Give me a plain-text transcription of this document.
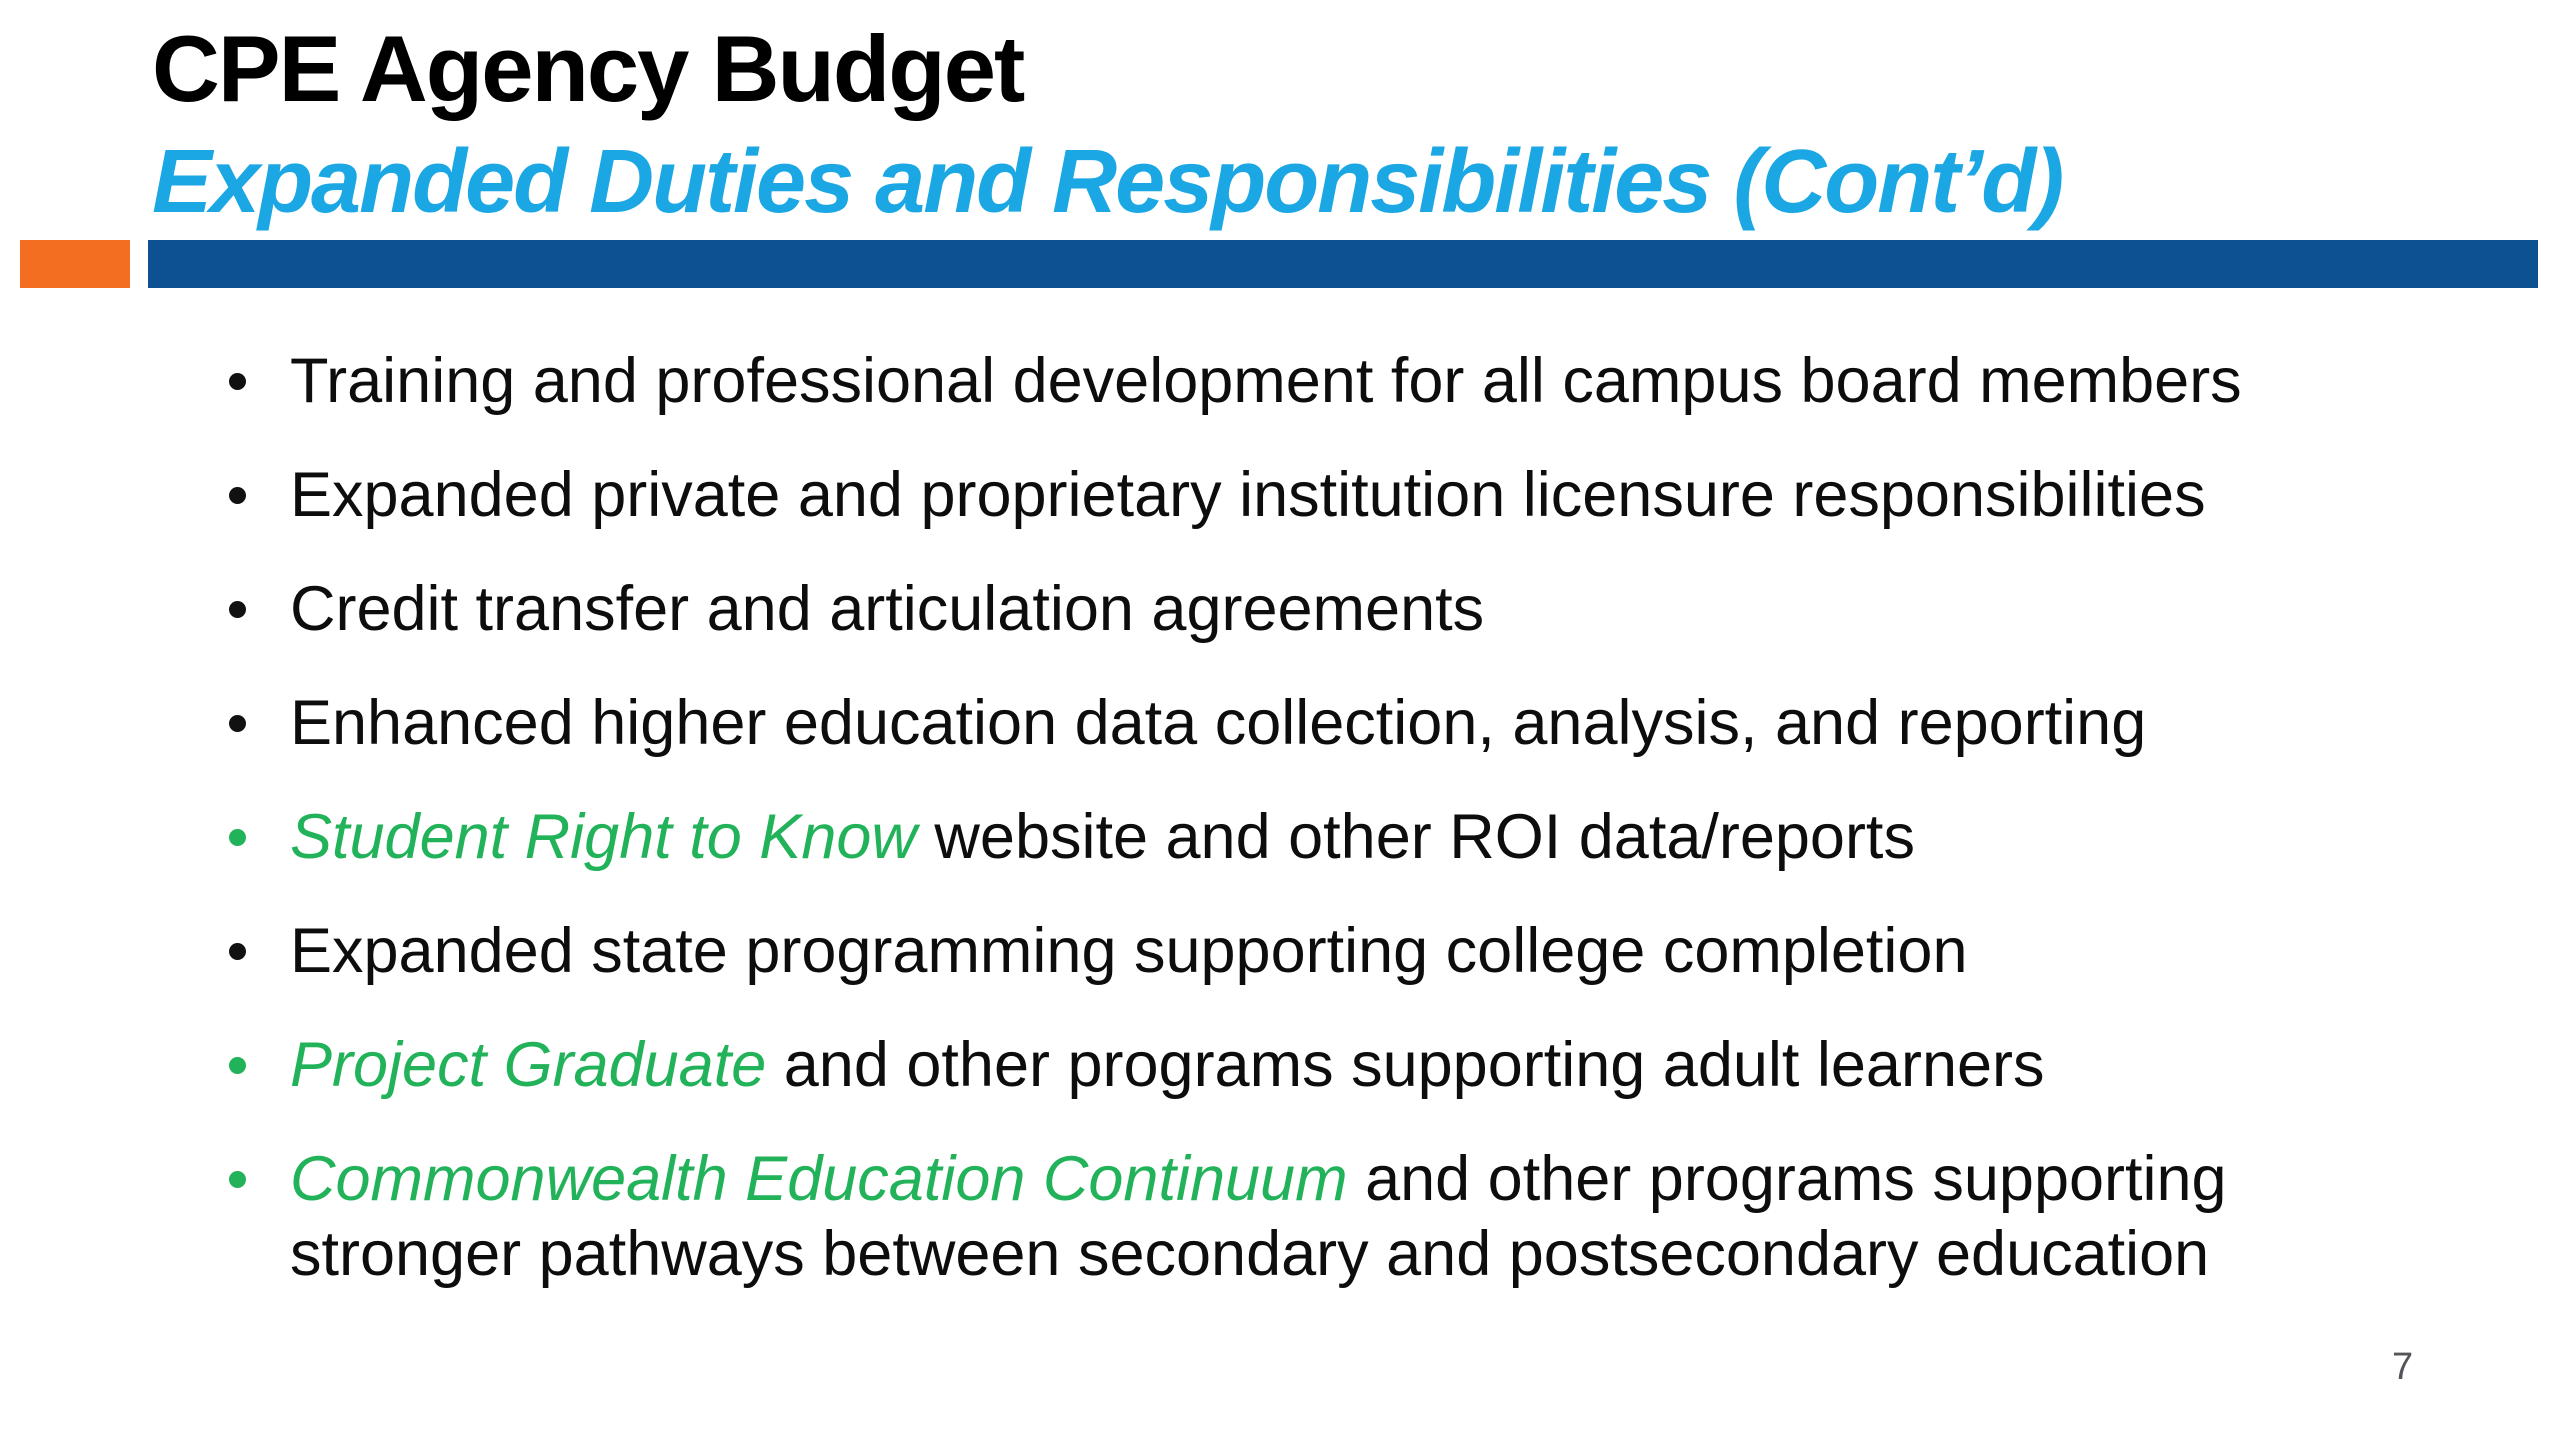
CPE Agency Budget
Expanded Duties and Responsibilities (Cont’d)
Training and professional development for all campus board members
Expanded private and proprietary institution licensure responsibilities
Credit transfer and articulation agreements
Enhanced higher education data collection, analysis, and reporting
Student Right to Know website and other ROI data/reports
Expanded state programming supporting college completion
Project Graduate and other programs supporting adult learners
Commonwealth Education Continuum and other programs supporting stronger pathways between secondary and postsecondary education
7
